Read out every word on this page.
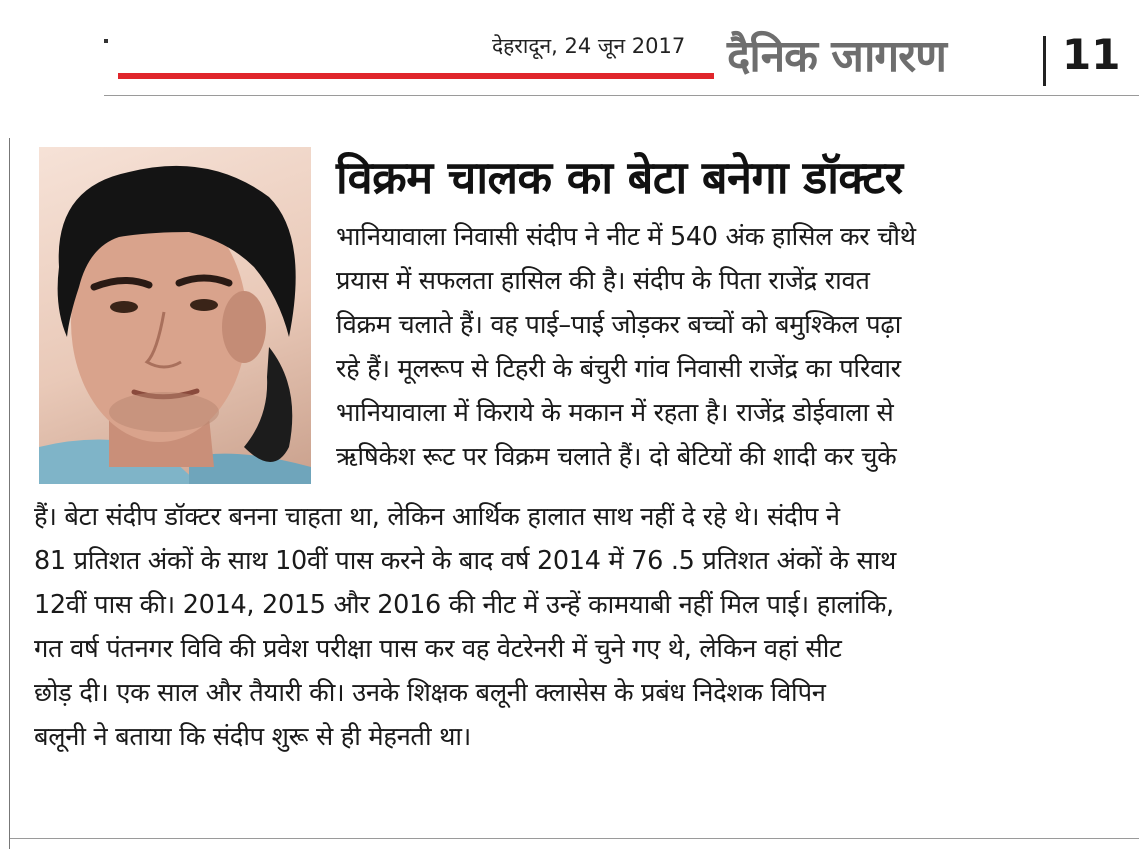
देहरादून, 24 जून 2017 दैनिक जागरण	11
विक्रम चालक का बेटा बनेगा डॉक्टर
भानियावाला निवासी संदीप ने नीट में 540 अंक हासिल कर चौथे
प्रयास में सफलता हासिल की है। संदीप के पिता राजेंद्र रावत
विक्रम चलाते हैं। वह पाई–पाई जोड़कर बच्चों को बमुश्किल पढ़ा
रहे हैं। मूलरूप से टिहरी के बंचुरी गांव निवासी राजेंद्र का परिवार
भानियावाला में किराये के मकान में रहता है। राजेंद्र डोईवाला से
ऋषिकेश रूट पर विक्रम चलाते हैं। दो बेटियों की शादी कर चुके
हैं। बेटा संदीप डॉक्टर बनना चाहता था, लेकिन आर्थिक हालात साथ नहीं दे रहे थे। संदीप ने
81 प्रतिशत अंकों के साथ 10वीं पास करने के बाद वर्ष 2014 में 76 .5 प्रतिशत अंकों के साथ
12वीं पास की। 2014, 2015 और 2016 की नीट में उन्हें कामयाबी नहीं मिल पाई। हालांकि,
गत वर्ष पंतनगर विवि की प्रवेश परीक्षा पास कर वह वेटरेनरी में चुने गए थे, लेकिन वहां सीट
छोड़ दी। एक साल और तैयारी की। उनके शिक्षक बलूनी क्लासेस के प्रबंध निदेशक विपिन
बलूनी ने बताया कि संदीप शुरू से ही मेहनती था।
